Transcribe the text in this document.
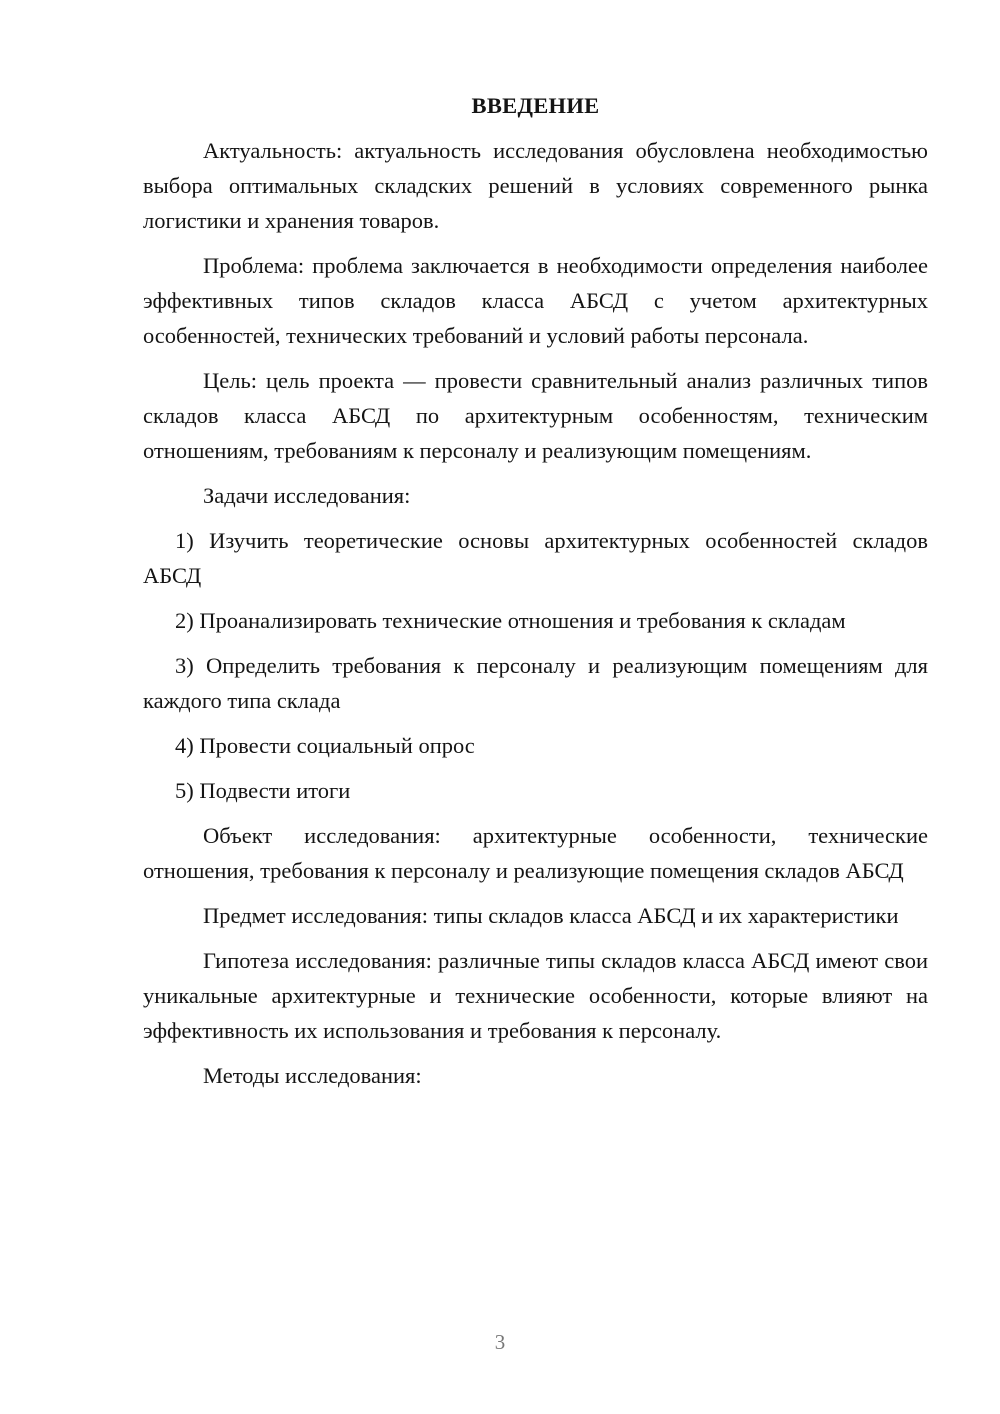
ВВЕДЕНИЕ
Актуальность: актуальность исследования обусловлена необходимостью выбора оптимальных складских решений в условиях современного рынка логистики и хранения товаров.
Проблема: проблема заключается в необходимости определения наиболее эффективных типов складов класса АБСД с учетом архитектурных особенностей, технических требований и условий работы персонала.
Цель: цель проекта — провести сравнительный анализ различных типов складов класса АБСД по архитектурным особенностям, техническим отношениям, требованиям к персоналу и реализующим помещениям.
Задачи исследования:
1) Изучить теоретические основы архитектурных особенностей складов АБСД
2) Проанализировать технические отношения и требования к складам
3) Определить требования к персоналу и реализующим помещениям для каждого типа склада
4) Провести социальный опрос
5) Подвести итоги
Объект исследования: архитектурные особенности, технические отношения, требования к персоналу и реализующие помещения складов АБСД
Предмет исследования: типы складов класса АБСД и их характеристики
Гипотеза исследования: различные типы складов класса АБСД имеют свои уникальные архитектурные и технические особенности, которые влияют на эффективность их использования и требования к персоналу.
Методы исследования:
3
